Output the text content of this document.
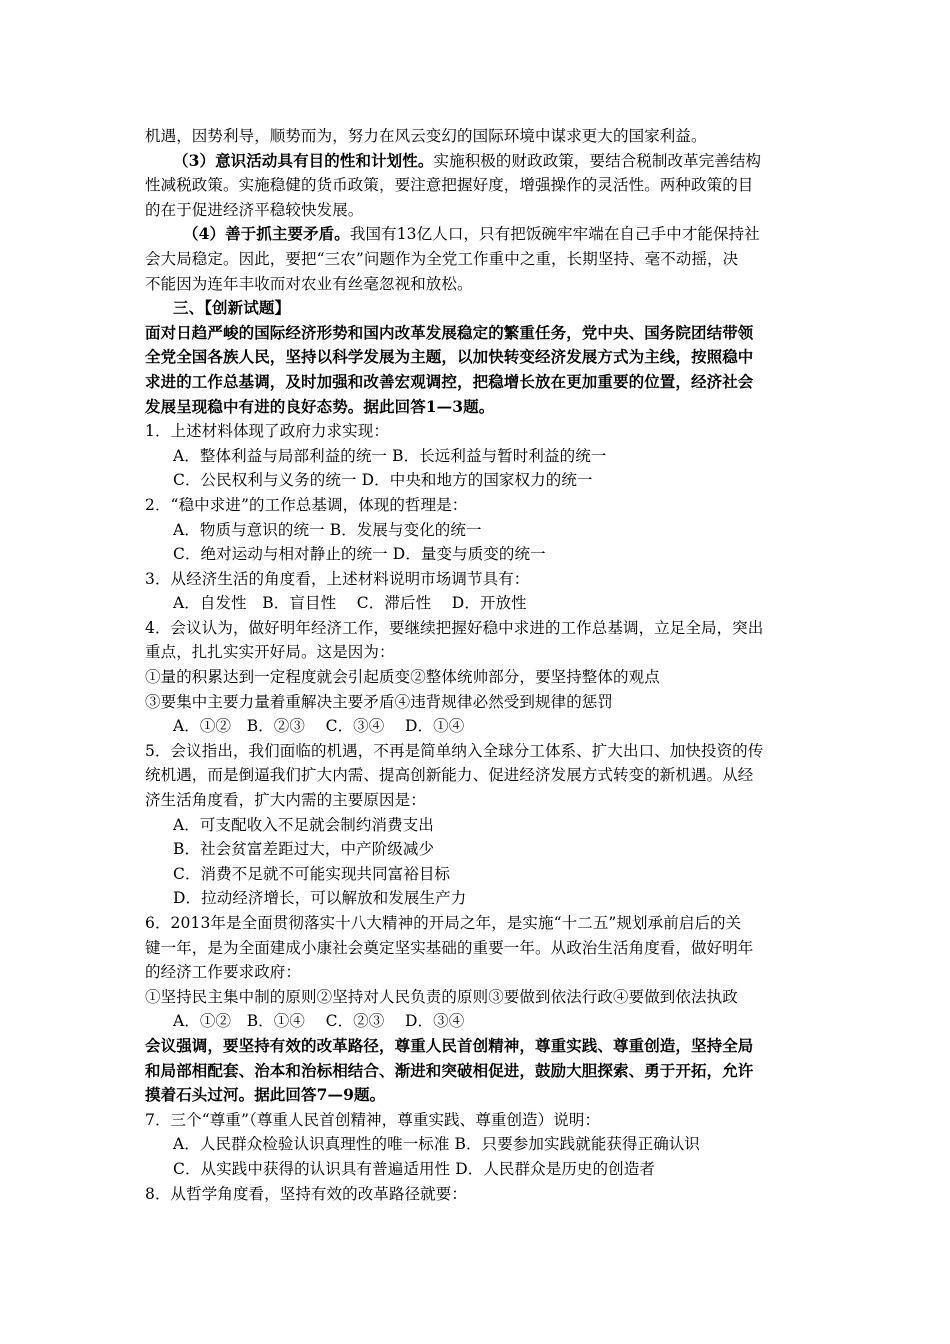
机遇，因势利导，顺势而为，努力在风云变幻的国际环境中谋求更大的国家利益。
（3）意识活动具有目的性和计划性。实施积极的财政政策，要结合税制改革完善结构
性减税政策。实施稳健的货币政策，要注意把握好度，增强操作的灵活性。两种政策的目
的在于促进经济平稳较快发展。
（4）善于抓主要矛盾。我国有13亿人口，只有把饭碗牢牢端在自己手中才能保持社
会大局稳定。因此，要把“三农”问题作为全党工作重中之重，长期坚持、毫不动摇，决
不能因为连年丰收而对农业有丝毫忽视和放松。
三、【创新试题】
面对日趋严峻的国际经济形势和国内改革发展稳定的繁重任务，党中央、国务院团结带领
全党全国各族人民，坚持以科学发展为主题，以加快转变经济发展方式为主线，按照稳中
求进的工作总基调，及时加强和改善宏观调控，把稳增长放在更加重要的位置，经济社会
发展呈现稳中有进的良好态势。据此回答1—3题。
1．上述材料体现了政府力求实现：
A．整体利益与局部利益的统一 B．长远利益与暂时利益的统一
C．公民权利与义务的统一 D．中央和地方的国家权力的统一
2．“稳中求进”的工作总基调，体现的哲理是：
A．物质与意识的统一 B．发展与变化的统一
C．绝对运动与相对静止的统一 D．量变与质变的统一
3．从经济生活的角度看，上述材料说明市场调节具有：
A．自发性　B．盲目性　 C．滞后性　 D．开放性
4．会议认为，做好明年经济工作，要继续把握好稳中求进的工作总基调，立足全局，突出
重点，扎扎实实开好局。这是因为：
①量的积累达到一定程度就会引起质变②整体统帅部分，要坚持整体的观点
③要集中主要力量着重解决主要矛盾④违背规律必然受到规律的惩罚
A．①②　B．②③　 C．③④　 D．①④
5．会议指出，我们面临的机遇，不再是简单纳入全球分工体系、扩大出口、加快投资的传
统机遇，而是倒逼我们扩大内需、提高创新能力、促进经济发展方式转变的新机遇。从经
济生活角度看，扩大内需的主要原因是：
A．可支配收入不足就会制约消费支出
B．社会贫富差距过大，中产阶级减少
C．消费不足就不可能实现共同富裕目标
D．拉动经济增长，可以解放和发展生产力
6．2013年是全面贯彻落实十八大精神的开局之年，是实施“十二五”规划承前启后的关
键一年，是为全面建成小康社会奠定坚实基础的重要一年。从政治生活角度看，做好明年
的经济工作要求政府：
①坚持民主集中制的原则②坚持对人民负责的原则③要做到依法行政④要做到依法执政
A．①②　B．①④　 C．②③　 D．③④
会议强调，要坚持有效的改革路径，尊重人民首创精神，尊重实践、尊重创造，坚持全局
和局部相配套、治本和治标相结合、渐进和突破相促进，鼓励大胆探索、勇于开拓，允许
摸着石头过河。据此回答7—9题。
7．三个“尊重”（尊重人民首创精神，尊重实践、尊重创造）说明：
A．人民群众检验认识真理性的唯一标准 B．只要参加实践就能获得正确认识
C．从实践中获得的认识具有普遍适用性 D．人民群众是历史的创造者
8．从哲学角度看，坚持有效的改革路径就要：
